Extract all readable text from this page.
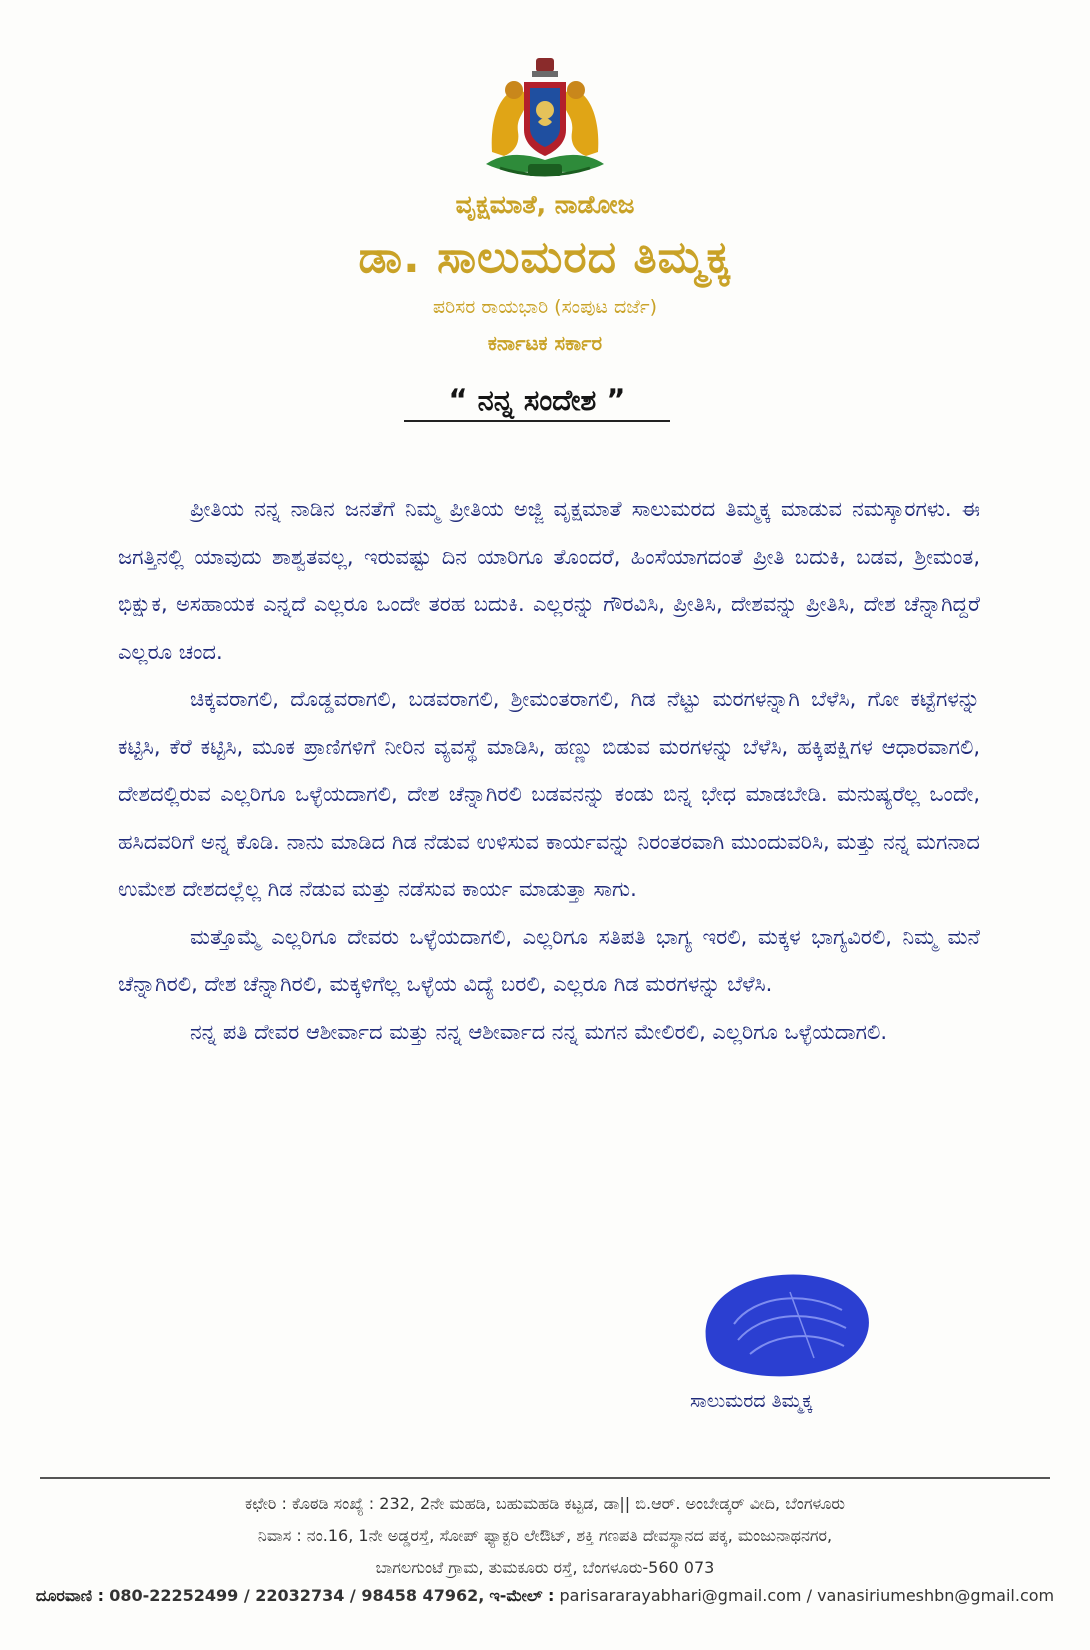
ವೃಕ್ಷಮಾತೆ, ನಾಡೋಜ
ಡಾ. ಸಾಲುಮರದ ತಿಮ್ಮಕ್ಕ
ಪರಿಸರ ರಾಯಭಾರಿ (ಸಂಪುಟ ದರ್ಜೆ)
ಕರ್ನಾಟಕ ಸರ್ಕಾರ
“ ನನ್ನ ಸಂದೇಶ ”

ಪ್ರೀತಿಯ ನನ್ನ ನಾಡಿನ ಜನತೆಗೆ ನಿಮ್ಮ ಪ್ರೀತಿಯ ಅಜ್ಜಿ ವೃಕ್ಷಮಾತೆ ಸಾಲುಮರದ ತಿಮ್ಮಕ್ಕ ಮಾಡುವ ನಮಸ್ಕಾರಗಳು. ಈ ಜಗತ್ತಿನಲ್ಲಿ ಯಾವುದು ಶಾಶ್ವತವಲ್ಲ, ಇರುವಷ್ಟು ದಿನ ಯಾರಿಗೂ ತೊಂದರೆ, ಹಿಂಸೆಯಾಗದಂತೆ ಪ್ರೀತಿ ಬದುಕಿ, ಬಡವ, ಶ್ರೀಮಂತ, ಭಿಕ್ಷುಕ, ಅಸಹಾಯಕ ಎನ್ನದೆ ಎಲ್ಲರೂ ಒಂದೇ ತರಹ ಬದುಕಿ. ಎಲ್ಲರನ್ನು ಗೌರವಿಸಿ, ಪ್ರೀತಿಸಿ, ದೇಶವನ್ನು ಪ್ರೀತಿಸಿ, ದೇಶ ಚೆನ್ನಾಗಿದ್ದರೆ ಎಲ್ಲರೂ ಚಂದ.

ಚಿಕ್ಕವರಾಗಲಿ, ದೊಡ್ಡವರಾಗಲಿ, ಬಡವರಾಗಲಿ, ಶ್ರೀಮಂತರಾಗಲಿ, ಗಿಡ ನೆಟ್ಟು ಮರಗಳನ್ನಾಗಿ ಬೆಳೆಸಿ, ಗೋ ಕಟ್ಟೆಗಳನ್ನು ಕಟ್ಟಿಸಿ, ಕೆರೆ ಕಟ್ಟಿಸಿ, ಮೂಕ ಪ್ರಾಣಿಗಳಿಗೆ ನೀರಿನ ವ್ಯವಸ್ಥೆ ಮಾಡಿಸಿ, ಹಣ್ಣು ಬಿಡುವ ಮರಗಳನ್ನು ಬೆಳೆಸಿ, ಹಕ್ಕಿಪಕ್ಷಿಗಳ ಆಧಾರವಾಗಲಿ, ದೇಶದಲ್ಲಿರುವ ಎಲ್ಲರಿಗೂ ಒಳ್ಳೆಯದಾಗಲಿ, ದೇಶ ಚೆನ್ನಾಗಿರಲಿ ಬಡವನನ್ನು ಕಂಡು ಬಿನ್ನ ಭೇಧ ಮಾಡಬೇಡಿ. ಮನುಷ್ಯರೆಲ್ಲ ಒಂದೇ, ಹಸಿದವರಿಗೆ ಅನ್ನ ಕೊಡಿ. ನಾನು ಮಾಡಿದ ಗಿಡ ನೆಡುವ ಉಳಿಸುವ ಕಾರ್ಯವನ್ನು ನಿರಂತರವಾಗಿ ಮುಂದುವರಿಸಿ, ಮತ್ತು ನನ್ನ ಮಗನಾದ ಉಮೇಶ ದೇಶದಲ್ಲೆಲ್ಲ ಗಿಡ ನೆಡುವ ಮತ್ತು ನಡೆಸುವ ಕಾರ್ಯ ಮಾಡುತ್ತಾ ಸಾಗು.

ಮತ್ತೊಮ್ಮೆ ಎಲ್ಲರಿಗೂ ದೇವರು ಒಳ್ಳೆಯದಾಗಲಿ, ಎಲ್ಲರಿಗೂ ಸತಿಪತಿ ಭಾಗ್ಯ ಇರಲಿ, ಮಕ್ಕಳ ಭಾಗ್ಯವಿರಲಿ, ನಿಮ್ಮ ಮನೆ ಚೆನ್ನಾಗಿರಲಿ, ದೇಶ ಚೆನ್ನಾಗಿರಲಿ, ಮಕ್ಕಳಿಗೆಲ್ಲ ಒಳ್ಳೆಯ ವಿದ್ಯೆ ಬರಲಿ, ಎಲ್ಲರೂ ಗಿಡ ಮರಗಳನ್ನು ಬೆಳೆಸಿ.

ನನ್ನ ಪತಿ ದೇವರ ಆಶೀರ್ವಾದ ಮತ್ತು ನನ್ನ ಆಶೀರ್ವಾದ ನನ್ನ ಮಗನ ಮೇಲಿರಲಿ, ಎಲ್ಲರಿಗೂ ಒಳ್ಳೆಯದಾಗಲಿ.

ಸಾಲುಮರದ ತಿಮ್ಮಕ್ಕ
ಕಛೇರಿ : ಕೊಠಡಿ ಸಂಖ್ಯೆ : 232, 2ನೇ ಮಹಡಿ, ಬಹುಮಹಡಿ ಕಟ್ಟಡ, ಡಾ|| ಬಿ.ಆರ್. ಅಂಬೇಡ್ಕರ್ ವೀದಿ, ಬೆಂಗಳೂರು
ನಿವಾಸ : ನಂ.16, 1ನೇ ಅಡ್ಡರಸ್ತೆ, ಸೋಪ್ ಫ್ಯಾಕ್ಟರಿ ಲೇಔಟ್, ಶಕ್ತಿ ಗಣಪತಿ ದೇವಸ್ಥಾನದ ಪಕ್ಕ, ಮಂಜುನಾಥನಗರ,
ಬಾಗಲಗುಂಟೆ ಗ್ರಾಮ, ತುಮಕೂರು ರಸ್ತೆ, ಬೆಂಗಳೂರು-560 073
ದೂರವಾಣಿ : 080-22252499 / 22032734 / 98458 47962, ಇ-ಮೇಲ್ : parisararayabhari@gmail.com / vanasiriumeshbn@gmail.com
